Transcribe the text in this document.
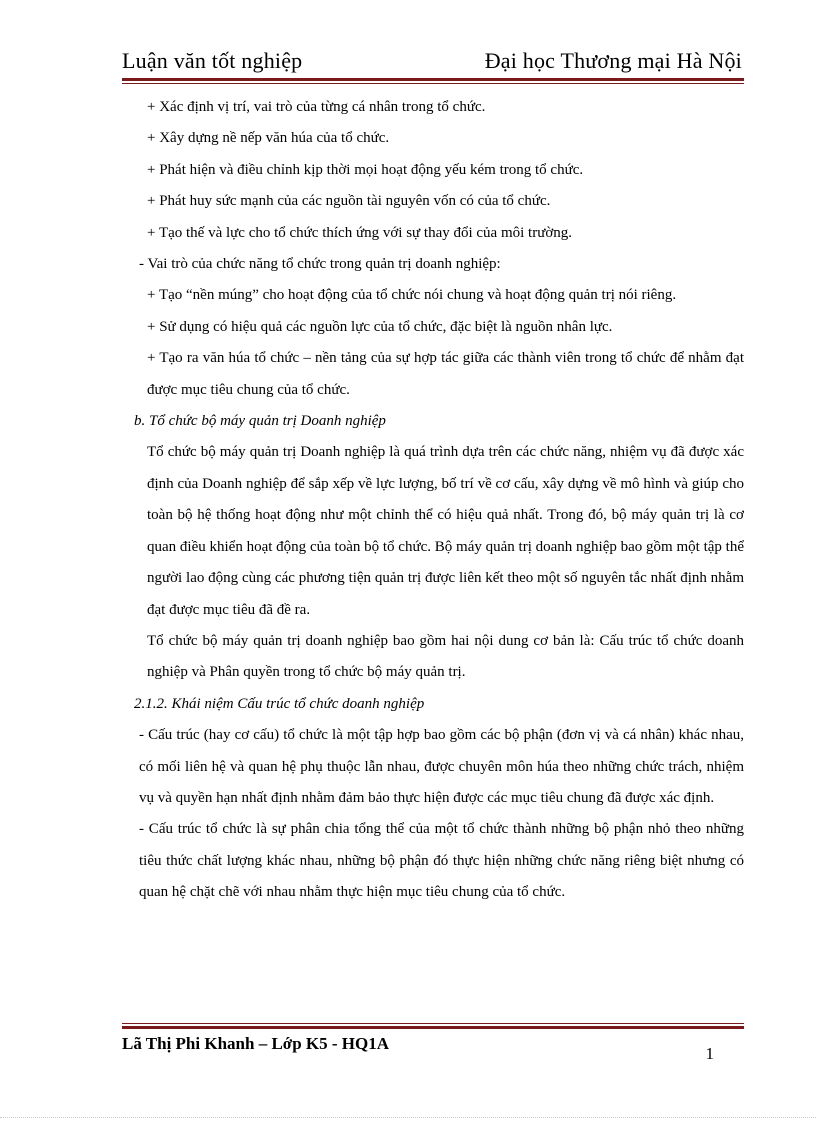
Luận văn tốt nghiệp	Đại học Thương mại Hà Nội

+ Xác định vị trí, vai trò của từng cá nhân trong tổ chức.

+ Xây dựng nề nếp văn húa của tổ chức.

+ Phát hiện và điều chỉnh kịp thời mọi hoạt động yếu kém trong tổ chức.

+ Phát huy sức mạnh của các nguồn tài nguyên vốn có của tổ chức.

+ Tạo thế và lực cho tổ chức thích ứng với sự thay đổi của môi trường.

- Vai trò của chức năng tổ chức trong quản trị doanh nghiệp:

+ Tạo “nền múng” cho hoạt động của tổ chức nói chung và hoạt động quản trị nói riêng.

+ Sử dụng có hiệu quả các nguồn lực của tổ chức, đặc biệt là nguồn nhân lực.

+ Tạo ra văn húa tổ chức – nền tảng của sự hợp tác giữa các thành viên trong tổ chức để nhằm đạt được mục tiêu chung của tổ chức.

b. Tổ chức bộ máy quản trị Doanh nghiệp

Tổ chức bộ máy quản trị Doanh nghiệp là quá trình dựa trên các chức năng, nhiệm vụ đã được xác định của Doanh nghiệp để sắp xếp về lực lượng, bố trí về cơ cấu, xây dựng về mô hình và giúp cho toàn bộ hệ thống hoạt động như một chỉnh thể có hiệu quả nhất. Trong đó, bộ máy quản trị là cơ quan điều khiển hoạt động của toàn bộ tổ chức. Bộ máy quản trị doanh nghiệp bao gồm một tập thể người lao động cùng các phương tiện quản trị được liên kết theo một số nguyên tắc nhất định nhằm đạt được mục tiêu đã đề ra.

Tổ chức bộ máy quản trị doanh nghiệp bao gồm hai nội dung cơ bản là: Cấu trúc tổ chức doanh nghiệp và Phân quyền trong tổ chức bộ máy quản trị.

2.1.2. Khái niệm Cấu trúc tổ chức doanh nghiệp

- Cấu trúc (hay cơ cấu) tổ chức là một tập hợp bao gồm các bộ phận (đơn vị và cá nhân) khác nhau, có mối liên hệ và quan hệ phụ thuộc lẫn nhau, được chuyên môn húa theo những chức trách, nhiệm vụ và quyền hạn nhất định nhằm đảm bảo thực hiện được các mục tiêu chung đã được xác định.

- Cấu trúc tổ chức là sự phân chia tổng thể của một tổ chức thành những bộ phận nhỏ theo những tiêu thức chất lượng khác nhau, những bộ phận đó thực hiện những chức năng riêng biệt nhưng có quan hệ chặt chẽ với nhau nhằm thực hiện mục tiêu chung của tổ chức.

Lã Thị Phi Khanh – Lớp K5 - HQ1A
1
